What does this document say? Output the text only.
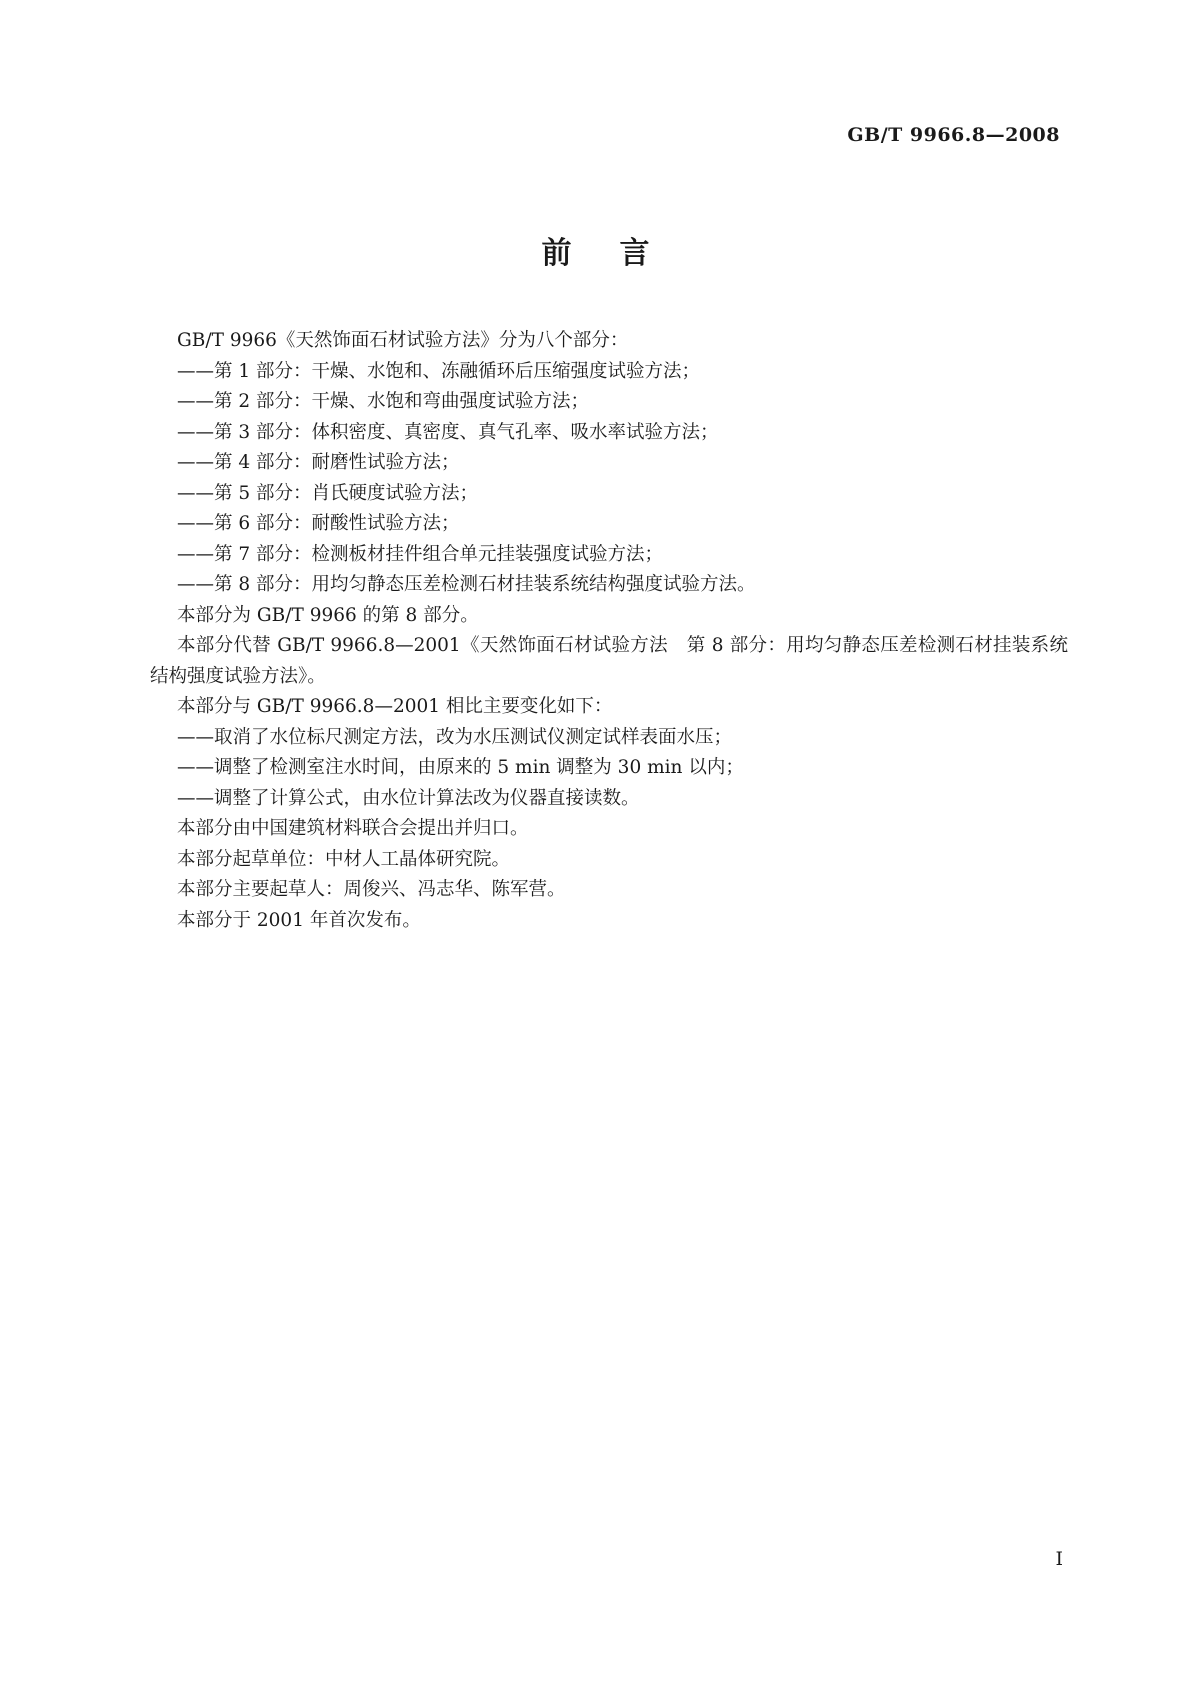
GB/T 9966.8—2008
前 言

GB/T 9966《天然饰面石材试验方法》分为八个部分：

——第 1 部分：干燥、水饱和、冻融循环后压缩强度试验方法；

——第 2 部分：干燥、水饱和弯曲强度试验方法；

——第 3 部分：体积密度、真密度、真气孔率、吸水率试验方法；

——第 4 部分：耐磨性试验方法；

——第 5 部分：肖氏硬度试验方法；

——第 6 部分：耐酸性试验方法；

——第 7 部分：检测板材挂件组合单元挂装强度试验方法；

——第 8 部分：用均匀静态压差检测石材挂装系统结构强度试验方法。

本部分为 GB/T 9966 的第 8 部分。

本部分代替 GB/T 9966.8—2001《天然饰面石材试验方法　第 8 部分：用均匀静态压差检测石材挂装系统结构强度试验方法》。

本部分与 GB/T 9966.8—2001 相比主要变化如下：

——取消了水位标尺测定方法，改为水压测试仪测定试样表面水压；

——调整了检测室注水时间，由原来的 5 min 调整为 30 min 以内；

——调整了计算公式，由水位计算法改为仪器直接读数。

本部分由中国建筑材料联合会提出并归口。

本部分起草单位：中材人工晶体研究院。

本部分主要起草人：周俊兴、冯志华、陈军营。

本部分于 2001 年首次发布。

I
